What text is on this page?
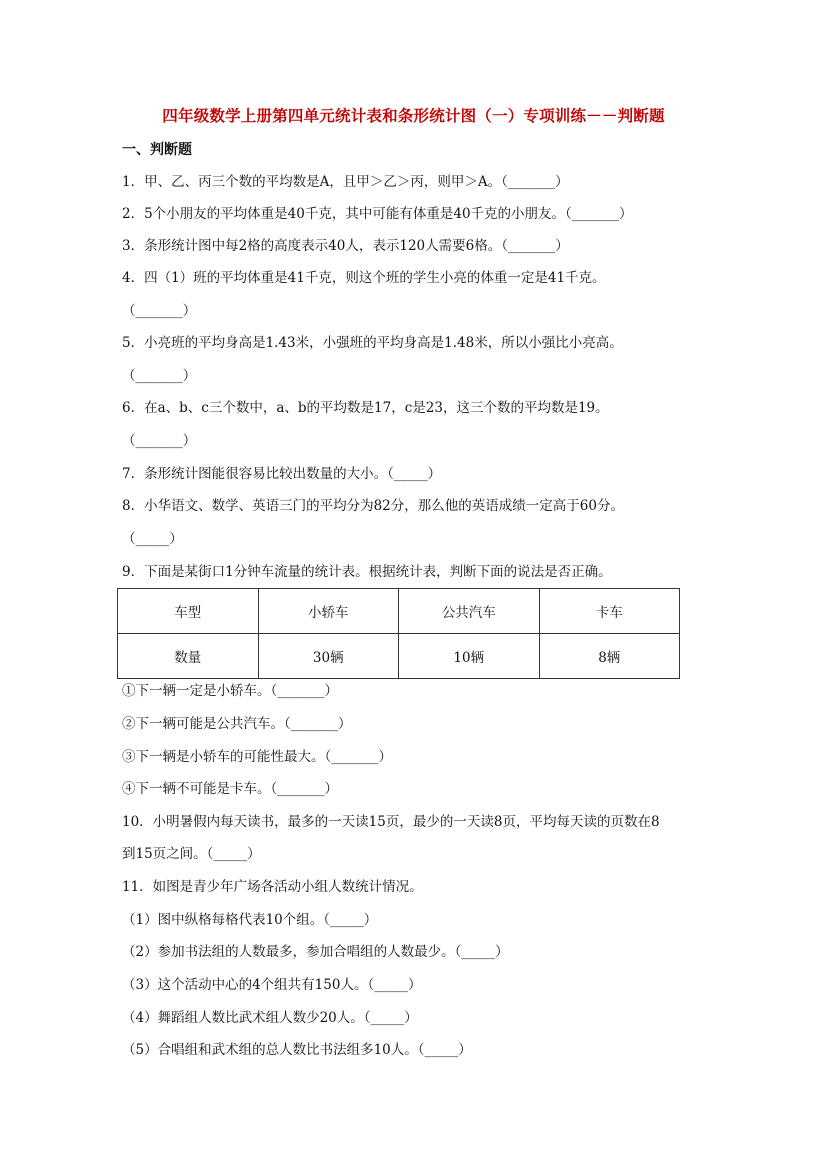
四年级数学上册第四单元统计表和条形统计图（一）专项训练－－判断题
一、判断题
1．甲、乙、丙三个数的平均数是A，且甲＞乙＞丙，则甲＞A。（_______）
2．5个小朋友的平均体重是40千克，其中可能有体重是40千克的小朋友。（_______）
3．条形统计图中每2格的高度表示40人，表示120人需要6格。（_______）
4．四（1）班的平均体重是41千克，则这个班的学生小亮的体重一定是41千克。
（_______）
5．小亮班的平均身高是1.43米，小强班的平均身高是1.48米，所以小强比小亮高。
（_______）
6．在a、b、c三个数中，a、b的平均数是17，c是23，这三个数的平均数是19。
（_______）
7．条形统计图能很容易比较出数量的大小。（_____）
8．小华语文、数学、英语三门的平均分为82分，那么他的英语成绩一定高于60分。
（_____）
9．下面是某街口1分钟车流量的统计表。根据统计表，判断下面的说法是否正确。
车型	小轿车	公共汽车	卡车
数量	30辆	10辆	8辆
①下一辆一定是小轿车。（_______）
②下一辆可能是公共汽车。（_______）
③下一辆是小轿车的可能性最大。（_______）
④下一辆不可能是卡车。（_______）
10．小明暑假内每天读书，最多的一天读15页，最少的一天读8页，平均每天读的页数在8
到15页之间。（_____）
11．如图是青少年广场各活动小组人数统计情况。
（1）图中纵格每格代表10个组。（_____）
（2）参加书法组的人数最多，参加合唱组的人数最少。（_____）
（3）这个活动中心的4个组共有150人。（_____）
（4）舞蹈组人数比武术组人数少20人。（_____）
（5）合唱组和武术组的总人数比书法组多10人。（_____）
